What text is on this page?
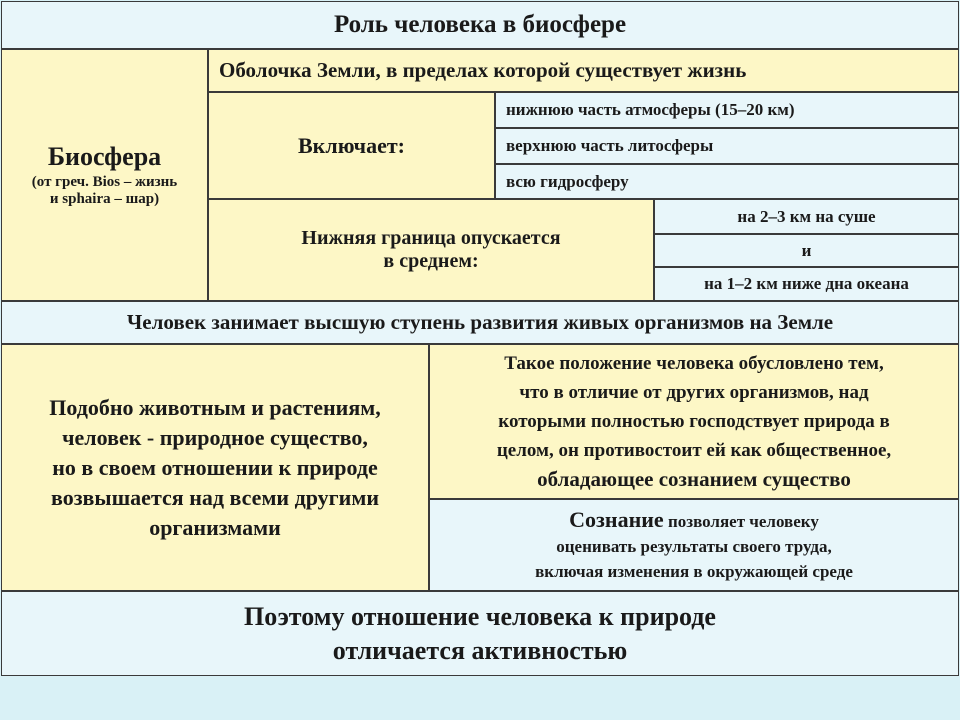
Роль человека в биосфере
Биосфера
(от греч. Bios – жизнь
и sphaira – шар)
Оболочка Земли, в пределах которой существует жизнь
Включает:
нижнюю часть атмосферы (15–20 км)
верхнюю часть литосферы
всю гидросферу
Нижняя граница опускается
в среднем:
на 2–3 км на суше
и
на 1–2 км ниже дна океана
Человек занимает высшую ступень развития живых организмов на Земле
Подобно животным и растениям,
человек - природное существо,
но в своем отношении к природе
возвышается над всеми другими
организмами
Такое положение человека обусловлено тем,
что в отличие от других организмов, над
которыми полностью господствует природа в
целом, он противостоит ей как общественное,
обладающее сознанием существо
Сознание позволяет человеку
оценивать результаты своего труда,
включая изменения в окружающей среде
Поэтому отношение человека к природе
отличается активностью
